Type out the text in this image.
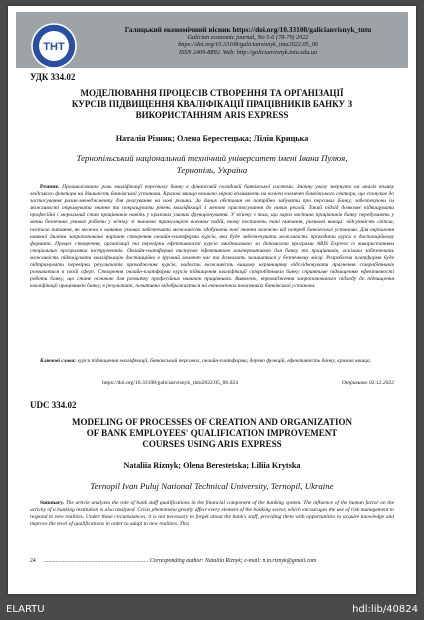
ТНТ
Галицький економічний вісник https://doi.org/10.33108/galicianvisnyk_tntu
Galician economic journal, No 5-6 (78-79) 2022
https://doi.org/10.33108/galicianvisnyk_tntu2022.05_06
ISSN 2409-8892. Web: http://galicianvisnyk.tntu.edu.ua
УДК 334.02
МОДЕЛЮВАННЯ ПРОЦЕСІВ СТВОРЕННЯ ТА ОРГАНІЗАЦІЇ
КУРСІВ ПІДВИЩЕННЯ КВАЛІФІКАЦІЇ ПРАЦІВНИКІВ БАНКУ З
ВИКОРИСТАННЯМ ARIS EXPRESS
Наталія Різник; Олена Берестецька; Лілія Крицька
Тернопільський національний технічний університет імені Івана Пулюя,
Тернопіль, Україна
Резюме. Проаналізовано роль кваліфікації персоналу банку в фінансовій складовій банківської системи. Значну увагу звернуто на аналіз впливу людського фактора на діяльність банківської установи. Кризові явища великою мірою впливають на кожен елемент банківського сектора, що спонукає до застосування ризик-менеджменту для реагування на нові ризики. За даних обставин не потрібно забувати про персонал банку, забезпечуючи їм можливості отримувати знання та покращувати рівень кваліфікації з метою пристосування до нових реалій. Такий підхід дозволяє підвищувати професійні і моральний стан працівників навіть у кризових умовах функціонування. У зв'язку з тим, що зараз частина працівників банку перебувають у менш безпечних умовах роботи у зв'язку зі значною трансляцією воєнних подій, тому постають такі питання, ризикові явища: відсутність світла, постало питання, як можна в наявних умовах забезпечити можливість здобувати нові знання залежно від потреб банківської установи. Для вирішення наявної дилеми запропоновано варіант створення онлайн-платформи курсів, яка буде забезпечувати можливість проходити курси в дистанційному форматі. Процес створення, організації та перевірки ефективності курсів змодельовано за допомогою програми ARIS Express із використанням спеціальних програмних інструментів. Онлайн-платформа виступає ефективною альтернативою для банку та працівників, оскільки забезпечать можливість підвищувати кваліфікацію дистанційно в зручний момент час та дозволить залишатися у безпечному місці. Розроблена платформа буде підтримувати перевірки результатів проходження курсів, надасть можливість вищому керівництву відслідковувати прагнення співробітників розвиватися в своїй сфері. Створення онлайн-платформи курсів підвищення кваліфікації співробітників банку сприятиме підвищенню ефективності роботи банку, що стане основою для розвитку професійних навичок працівників. Виявлено, впровадження запропонованого підходу до підвищення кваліфікації працівників банку, в результаті, позитивно відображається на економічних показниках банківської установи.
Ключові слова: курси підвищення кваліфікації, банківський персонал, онлайн-платформа, дерево функцій, ефективність банку, кризові явища.
https://doi.org/10.33108/galicianvisnyk_tntu2022.05_06.024	Отримано 02.12.2022
UDC 334.02
MODELING OF PROCESSES OF CREATION AND ORGANIZATION
OF BANK EMPLOYEES' QUALIFICATION IMPROVEMENT
COURSES USING ARIS EXPRESS
Nataliia Riznyk; Olena Berestetska; Liliia Krytska
Ternopil Ivan Puluj National Technical University, Ternopil, Ukraine
Summary. The article analyzes the role of bank staff qualifications in the financial component of the banking system. The influence of the human factor on the activity of a banking institution is also analyzed. Crisis phenomena greatly affect every element of the banking sector, which encourages the use of risk management to respond to new realities. Under these circumstances, it is not necessary to forget about the bank's staff, providing them with opportunities to acquire knowledge and improve the level of qualifications in order to adapt to new realities. This
24 ........................................................................ Corresponding author: Nataliia Riznyk; e-mail: n.m.riznyk@gmail.com
ELARTU	hdl:lib/40824
